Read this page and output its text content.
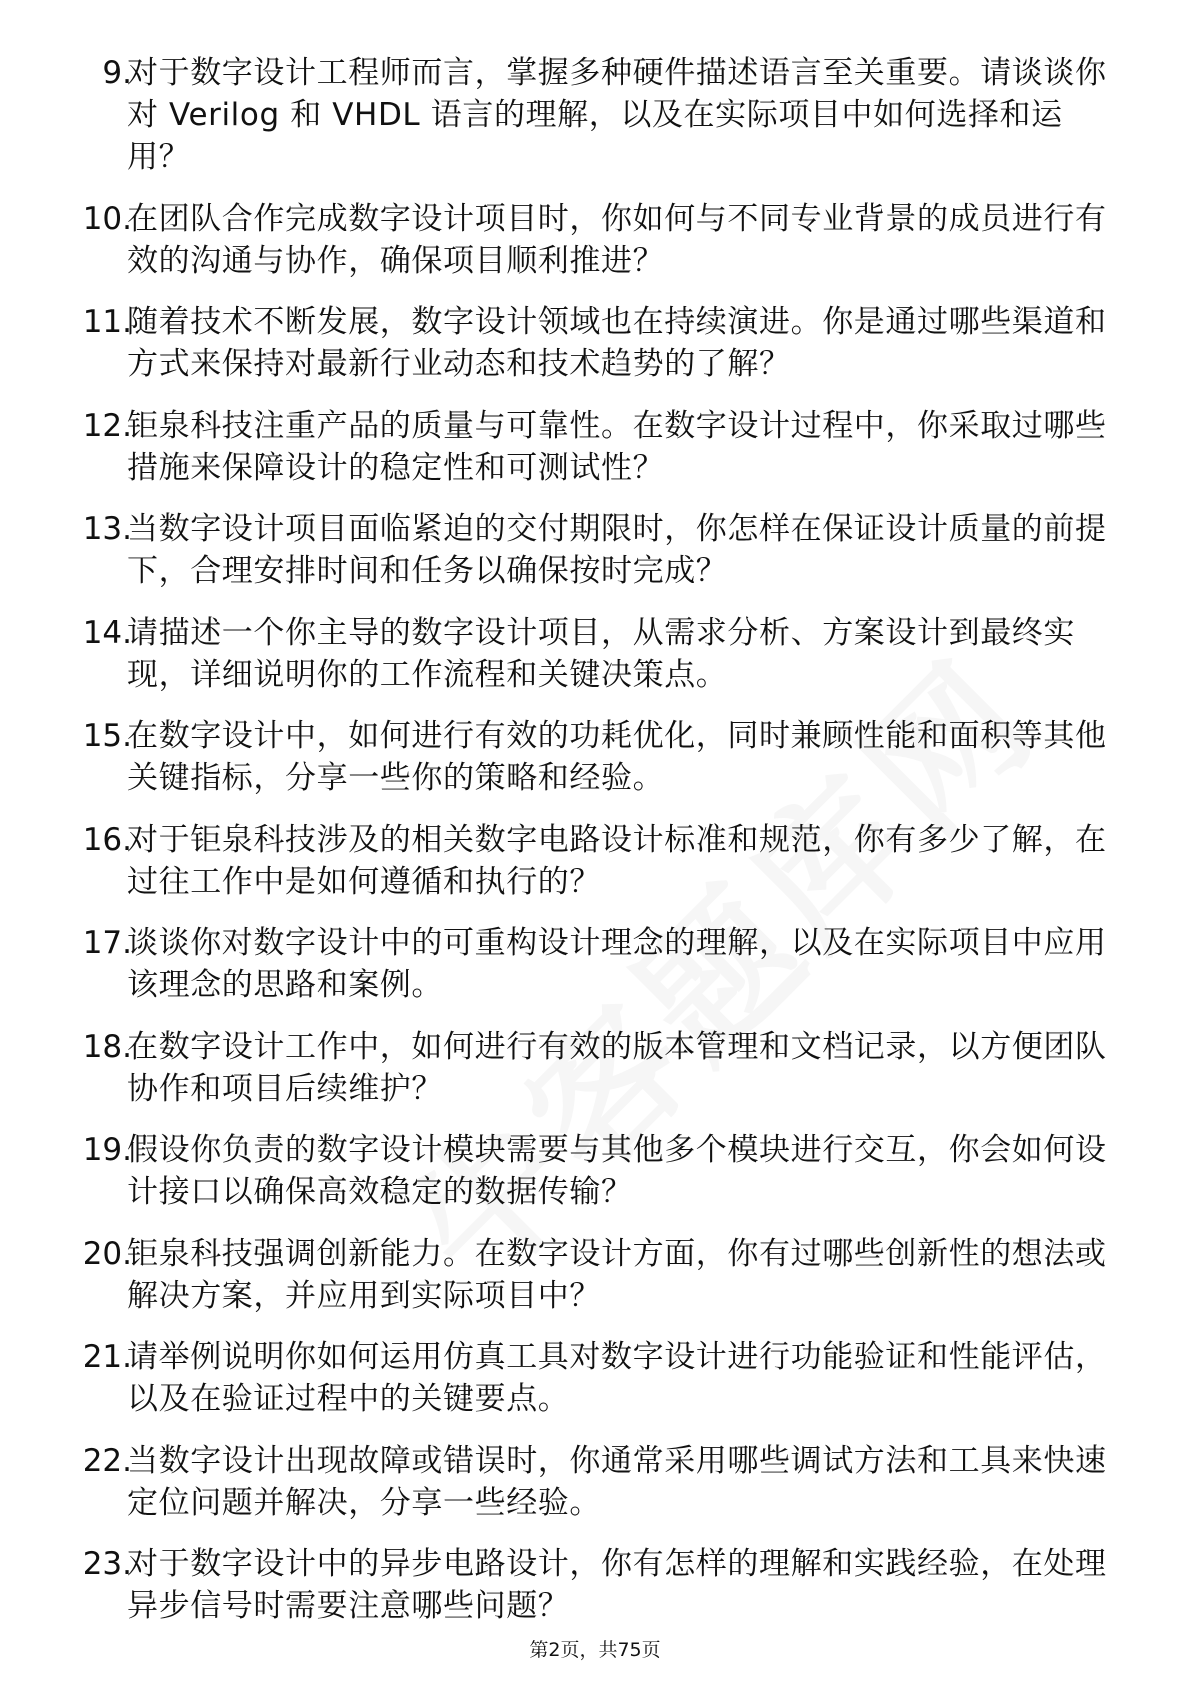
9.
对于数字设计工程师而言，掌握多种硬件描述语言至关重要。请谈谈你对 Verilog 和 VHDL 语言的理解，以及在实际项目中如何选择和运用？
10.
在团队合作完成数字设计项目时，你如何与不同专业背景的成员进行有效的沟通与协作，确保项目顺利推进？
11.
随着技术不断发展，数字设计领域也在持续演进。你是通过哪些渠道和方式来保持对最新行业动态和技术趋势的了解？
12.
钜泉科技注重产品的质量与可靠性。在数字设计过程中，你采取过哪些措施来保障设计的稳定性和可测试性？
13.
当数字设计项目面临紧迫的交付期限时，你怎样在保证设计质量的前提下，合理安排时间和任务以确保按时完成？
14.
请描述一个你主导的数字设计项目，从需求分析、方案设计到最终实现，详细说明你的工作流程和关键决策点。
15.
在数字设计中，如何进行有效的功耗优化，同时兼顾性能和面积等其他关键指标，分享一些你的策略和经验。
16.
对于钜泉科技涉及的相关数字电路设计标准和规范，你有多少了解，在过往工作中是如何遵循和执行的？
17.
谈谈你对数字设计中的可重构设计理念的理解，以及在实际项目中应用该理念的思路和案例。
18.
在数字设计工作中，如何进行有效的版本管理和文档记录，以方便团队协作和项目后续维护？
19.
假设你负责的数字设计模块需要与其他多个模块进行交互，你会如何设计接口以确保高效稳定的数据传输？
20.
钜泉科技强调创新能力。在数字设计方面，你有过哪些创新性的想法或解决方案，并应用到实际项目中？
21.
请举例说明你如何运用仿真工具对数字设计进行功能验证和性能评估，以及在验证过程中的关键要点。
22.
当数字设计出现故障或错误时，你通常采用哪些调试方法和工具来快速定位问题并解决，分享一些经验。
23.
对于数字设计中的异步电路设计，你有怎样的理解和实践经验，在处理异步信号时需要注意哪些问题？
第2页，共75页
